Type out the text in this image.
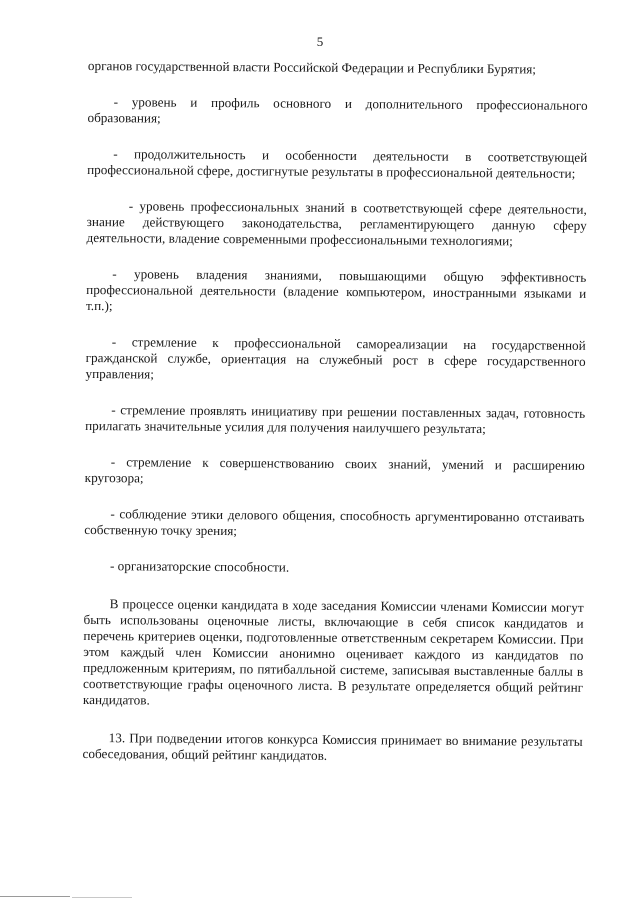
5

органов государственной власти Российской Федерации и Республики Бурятия;

- уровень и профиль основного и дополнительного профессионального образования;

- продолжительность и особенности деятельности в соответствующей профессиональной сфере, достигнутые результаты в профессиональной деятельности;

- уровень профессиональных знаний в соответствующей сфере деятельности, знание действующего законодательства, регламентирующего данную сферу деятельности, владение современными профессиональными технологиями;

- уровень владения знаниями, повышающими общую эффективность профессиональной деятельности (владение компьютером, иностранными языками и т.п.);

- стремление к профессиональной самореализации на государственной гражданской службе, ориентация на служебный рост в сфере государственного управления;

- стремление проявлять инициативу при решении поставленных задач, готовность прилагать значительные усилия для получения наилучшего результата;

- стремление к совершенствованию своих знаний, умений и расширению кругозора;

- соблюдение этики делового общения, способность аргументированно отстаивать собственную точку зрения;

- организаторские способности.

В процессе оценки кандидата в ходе заседания Комиссии членами Комиссии могут быть использованы оценочные листы, включающие в себя список кандидатов и перечень критериев оценки, подготовленные ответственным секретарем Комиссии. При этом каждый член Комиссии анонимно оценивает каждого из кандидатов по предложенным критериям, по пятибалльной системе, записывая выставленные баллы в соответствующие графы оценочного листа. В результате определяется общий рейтинг кандидатов.

13. При подведении итогов конкурса Комиссия принимает во внимание результаты собеседования, общий рейтинг кандидатов.
